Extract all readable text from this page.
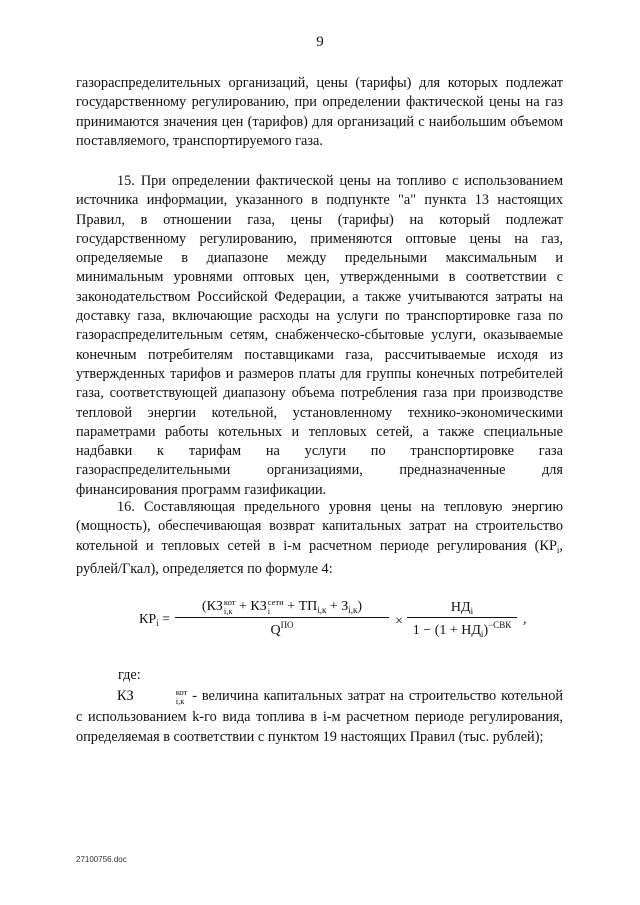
9

газораспределительных организаций, цены (тарифы) для которых подлежат государственному регулированию, при определении фактической цены на газ принимаются значения цен (тарифов) для организаций с наибольшим объемом поставляемого, транспортируемого газа.

15. При определении фактической цены на топливо с использованием источника информации, указанного в подпункте "а" пункта 13 настоящих Правил, в отношении газа, цены (тарифы) на который подлежат государственному регулированию, применяются оптовые цены на газ, определяемые в диапазоне между предельными максимальным и минимальным уровнями оптовых цен, утвержденными в соответствии с законодательством Российской Федерации, а также учитываются затраты на доставку газа, включающие расходы на услуги по транспортировке газа по газораспределительным сетям, снабженческо-сбытовые услуги, оказываемые конечным потребителям поставщиками газа, рассчитываемые исходя из утвержденных тарифов и размеров платы для группы конечных потребителей газа, соответствующей диапазону объема потребления газа при производстве тепловой энергии котельной, установленному технико-экономическими параметрами работы котельных и тепловых сетей, а также специальные надбавки к тарифам на услуги по транспортировке газа газораспределительными организациями, предназначенные для финансирования программ газификации.

16. Составляющая предельного уровня цены на тепловую энергию (мощность), обеспечивающая возврат капитальных затрат на строительство котельной и тепловых сетей в i-м расчетном периоде регулирования ($КР_i$, рублей/Гкал), определяется по формуле 4:

$КР_i$ =
(КЗ кот
i,к + КЗ сети
i	+ $ТП_{i,к} + З_{i,к}$)
$Q^{ПО}$	×
$НД_i$
$1 - (1 + НД_i)^{-СВК}$ ,
где:

КЗ	кот
i,к - величина капитальных затрат на строительство котельной с использованием k-го вида топлива в i-м расчетном периоде регулирования, определяемая в соответствии с пунктом 19 настоящих Правил (тыс. рублей);

27100756.doc
